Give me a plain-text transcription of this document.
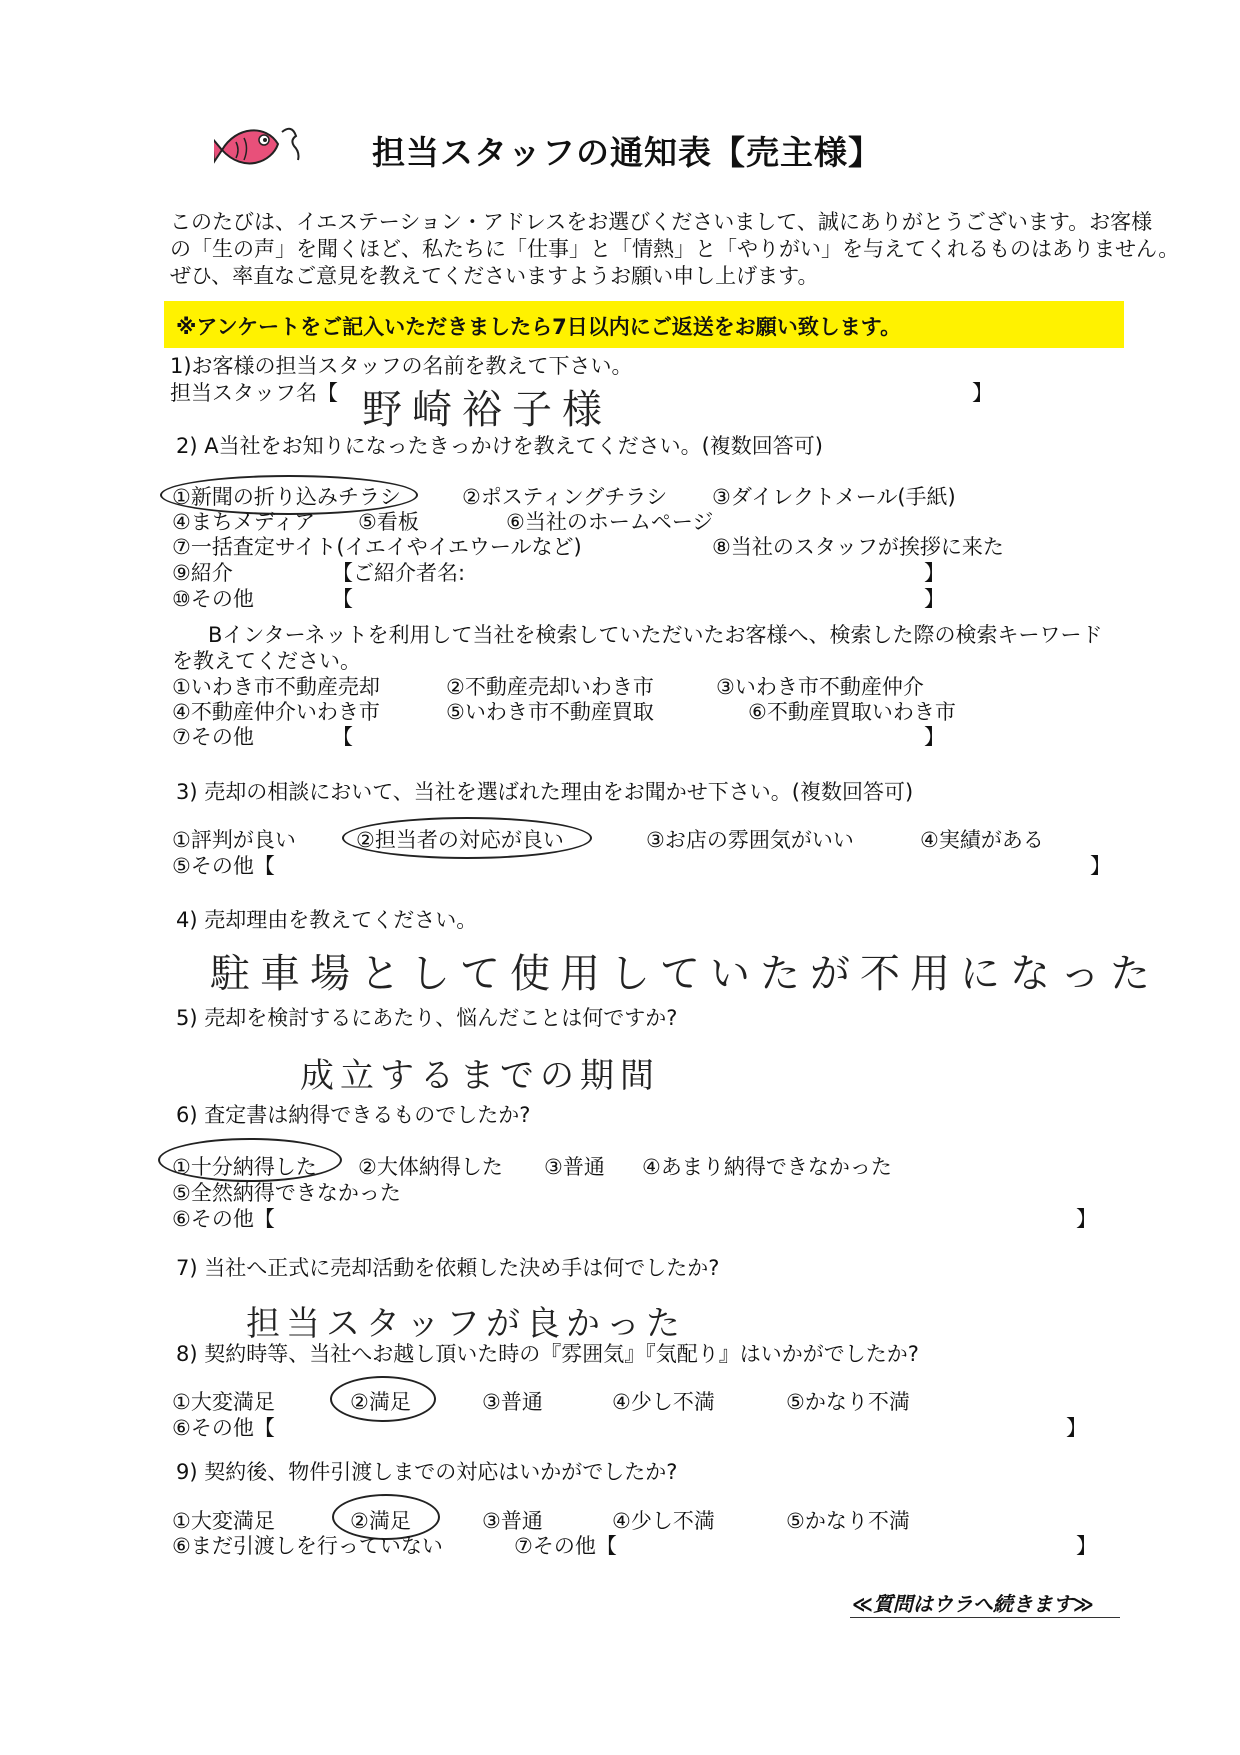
担当スタッフの通知表【売主様】
このたびは、イエステーション・アドレスをお選びくださいまして、誠にありがとうございます。お客様
の「生の声」を聞くほど、私たちに「仕事」と「情熱」と「やりがい」を与えてくれるものはありません。
ぜひ、率直なご意見を教えてくださいますようお願い申し上げます。
※アンケートをご記入いただきましたら7日以内にご返送をお願い致します。
1)お客様の担当スタッフの名前を教えて下さい。
担当スタッフ名【 野崎裕子様	】
2) A当社をお知りになったきっかけを教えてください。(複数回答可)
①新聞の折り込みチラシ	②ポスティングチラシ ③ダイレクトメール(手紙)
④まちメディア ⑤看板	⑥当社のホームページ
⑦一括査定サイト(イエイやイエウールなど)	⑧当社のスタッフが挨拶に来た
⑨紹介	【ご紹介者名:	】
⑩その他	【	】
Bインターネットを利用して当社を検索していただいたお客様へ、検索した際の検索キーワード
を教えてください。
①いわき市不動産売却	②不動産売却いわき市	③いわき市不動産仲介
④不動産仲介いわき市	⑤いわき市不動産買取	⑥不動産買取いわき市
⑦その他	【	】
3) 売却の相談において、当社を選ばれた理由をお聞かせ下さい。(複数回答可)
①評判が良い	②担当者の対応が良い	③お店の雰囲気がいい	④実績がある
⑤その他【	】
4) 売却理由を教えてください。
駐車場として使用していたが不用になった
5) 売却を検討するにあたり、悩んだことは何ですか?
成立するまでの期間
6) 査定書は納得できるものでしたか?
①十分納得した ②大体納得した ③普通 ④あまり納得できなかった
⑤全然納得できなかった
⑥その他【	】
7) 当社へ正式に売却活動を依頼した決め手は何でしたか?
担当スタッフが良かった
8) 契約時等、当社へお越し頂いた時の『雰囲気』『気配り』はいかがでしたか?
①大変満足	②満足	③普通	④少し不満	⑤かなり不満
⑥その他【	】
9) 契約後、物件引渡しまでの対応はいかがでしたか?
①大変満足	②満足	③普通	④少し不満	⑤かなり不満
⑥まだ引渡しを行っていない	⑦その他【	】
≪質問はウラへ続きます≫
